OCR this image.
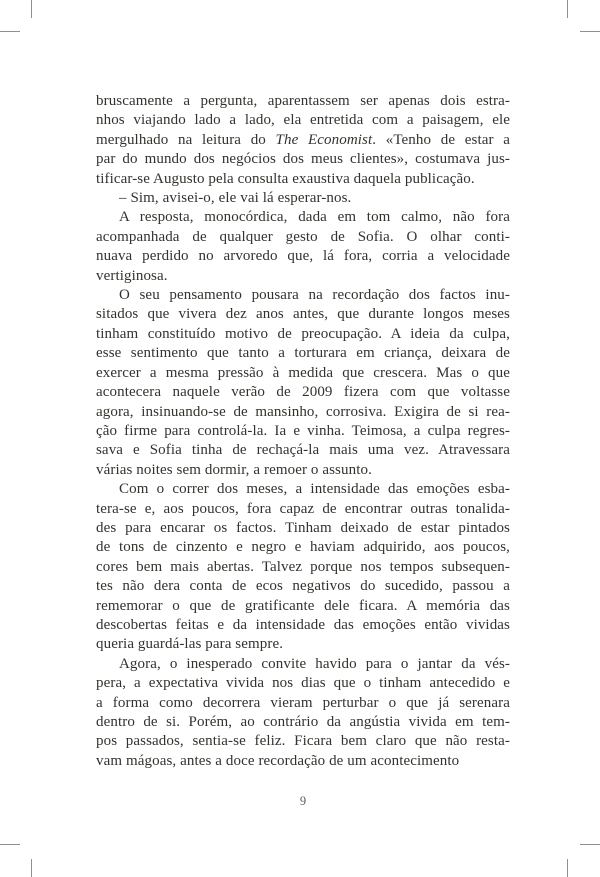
bruscamente a pergunta, aparentassem ser apenas dois estra-
nhos viajando lado a lado, ela entretida com a paisagem, ele
mergulhado na leitura do The Economist. «Tenho de estar a
par do mundo dos negócios dos meus clientes», costumava jus-
tificar-se Augusto pela consulta exaustiva daquela publicação.
– Sim, avisei-o, ele vai lá esperar-nos.
A resposta, monocórdica, dada em tom calmo, não fora
acompanhada de qualquer gesto de Sofia. O olhar conti-
nuava perdido no arvoredo que, lá fora, corria a velocidade
vertiginosa.
O seu pensamento pousara na recordação dos factos inu-
sitados que vivera dez anos antes, que durante longos meses
tinham constituído motivo de preocupação. A ideia da culpa,
esse sentimento que tanto a torturara em criança, deixara de
exercer a mesma pressão à medida que crescera. Mas o que
acontecera naquele verão de 2009 fizera com que voltasse
agora, insinuando-se de mansinho, corrosiva. Exigira de si rea-
ção firme para controlá-la. Ia e vinha. Teimosa, a culpa regres-
sava e Sofia tinha de rechaçá-la mais uma vez. Atravessara
várias noites sem dormir, a remoer o assunto.
Com o correr dos meses, a intensidade das emoções esba-
tera-se e, aos poucos, fora capaz de encontrar outras tonalida-
des para encarar os factos. Tinham deixado de estar pintados
de tons de cinzento e negro e haviam adquirido, aos poucos,
cores bem mais abertas. Talvez porque nos tempos subsequen-
tes não dera conta de ecos negativos do sucedido, passou a
rememorar o que de gratificante dele ficara. A memória das
descobertas feitas e da intensidade das emoções então vividas
queria guardá-las para sempre.
Agora, o inesperado convite havido para o jantar da vés-
pera, a expectativa vivida nos dias que o tinham antecedido e
a forma como decorrera vieram perturbar o que já serenara
dentro de si. Porém, ao contrário da angústia vivida em tem-
pos passados, sentia-se feliz. Ficara bem claro que não resta-
vam mágoas, antes a doce recordação de um acontecimento
9
